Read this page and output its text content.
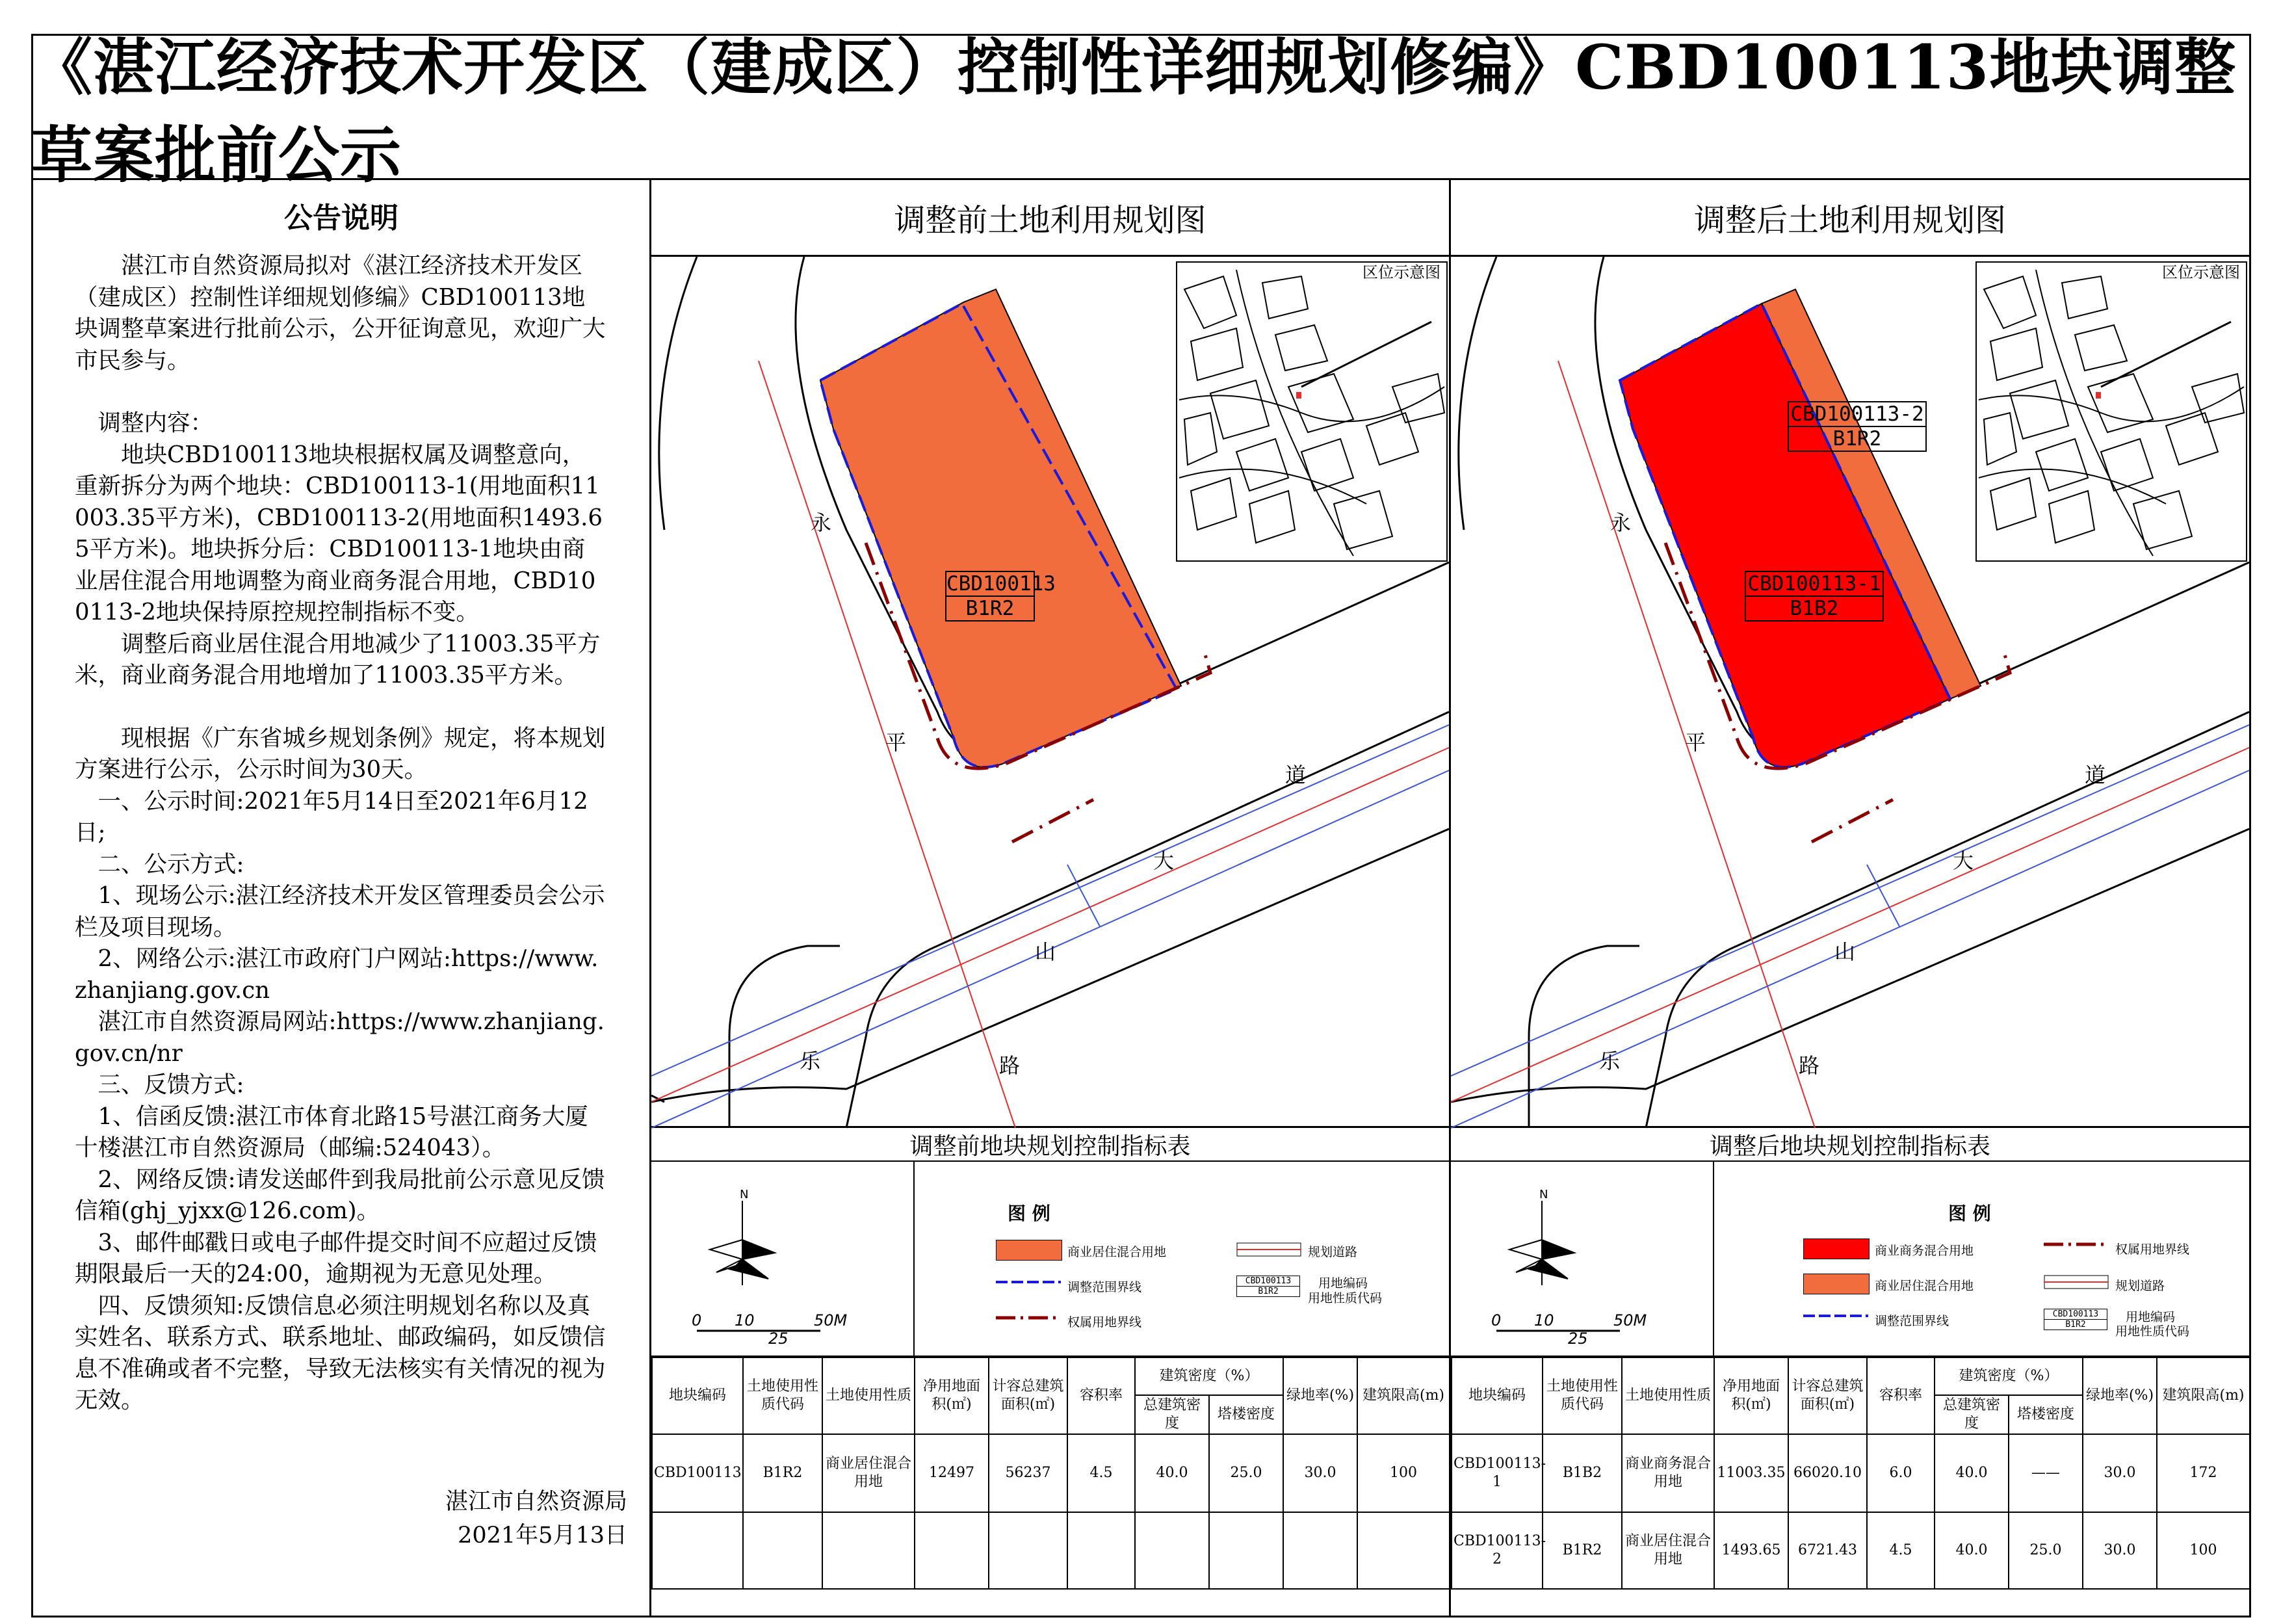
《湛江经济技术开发区（建成区）控制性详细规划修编》CBD100113地块调整草案批前公示
公告说明

　　湛江市自然资源局拟对《湛江经济技术开发区（建成区）控制性详细规划修编》CBD100113地块调整草案进行批前公示，公开征询意见，欢迎广大市民参与。

　调整内容：

　　地块CBD100113地块根据权属及调整意向，重新拆分为两个地块：CBD100113-1(用地面积11003.35平方米)，CBD100113-2(用地面积1493.65平方米)。地块拆分后：CBD100113-1地块由商业居住混合用地调整为商业商务混合用地，CBD100113-2地块保持原控规控制指标不变。

　　调整后商业居住混合用地减少了11003.35平方米，商业商务混合用地增加了11003.35平方米。

　　现根据《广东省城乡规划条例》规定，将本规划方案进行公示，公示时间为30天。

　一、公示时间:2021年5月14日至2021年6月12日;

　二、公示方式:

　1、现场公示:湛江经济技术开发区管理委员会公示栏及项目现场。

　2、网络公示:湛江市政府门户网站:https://www.zhanjiang.gov.cn

　湛江市自然资源局网站:https://www.zhanjiang.gov.cn/nr

　三、反馈方式:

　1、信函反馈:湛江市体育北路15号湛江商务大厦十楼湛江市自然资源局（邮编:524043）。

　2、网络反馈:请发送邮件到我局批前公示意见反馈信箱(ghj_yjxx@126.com)。

　3、邮件邮戳日或电子邮件提交时间不应超过反馈期限最后一天的24:00，逾期视为无意见处理。

　四、反馈须知:反馈信息必须注明规划名称以及真实姓名、联系方式、联系地址、邮政编码，如反馈信息不准确或者不完整，导致无法核实有关情况的视为无效。

湛江市自然资源局
2021年5月13日
调整前土地利用规划图
区位示意图
永
平
乐
山
路
大
道
CBD100113
B1R2
调整前地块规划控制指标表
N
0 10
25
50M
图 例
商业居住混合用地
调整范围界线
权属用地界线
规划道路
CBD100113
B1R2
用地编码
用地性质代码
地块编码	土地使用性质代码	土地使用性质	净用地面积(㎡)	计容总建筑面积(㎡)	容积率	建筑密度（%）		绿地率(%)	建筑限高(m)
						总建筑密度	塔楼密度		
CBD100113	B1R2	商业居住混合用地	12497	56237	4.5	40.0	25.0	30.0	100

调整后土地利用规划图
区位示意图
永
平
乐
山
路
大
道
CBD100113-1
B1B2
CBD100113-2
B1R2
调整后地块规划控制指标表
N
0 10
25
50M
图 例
商业商务混合用地
商业居住混合用地
调整范围界线
权属用地界线
规划道路
CBD100113
B1R2
用地编码
用地性质代码
地块编码	土地使用性质代码	土地使用性质	净用地面积(㎡)	计容总建筑面积(㎡)	容积率	建筑密度（%）		绿地率(%)	建筑限高(m)
						总建筑密度	塔楼密度		
CBD100113-1	B1B2	商业商务混合用地	11003.35	66020.10	6.0	40.0	——	30.0	172
CBD100113-2	B1R2	商业居住混合用地	1493.65	6721.43	4.5	40.0	25.0	30.0	100
